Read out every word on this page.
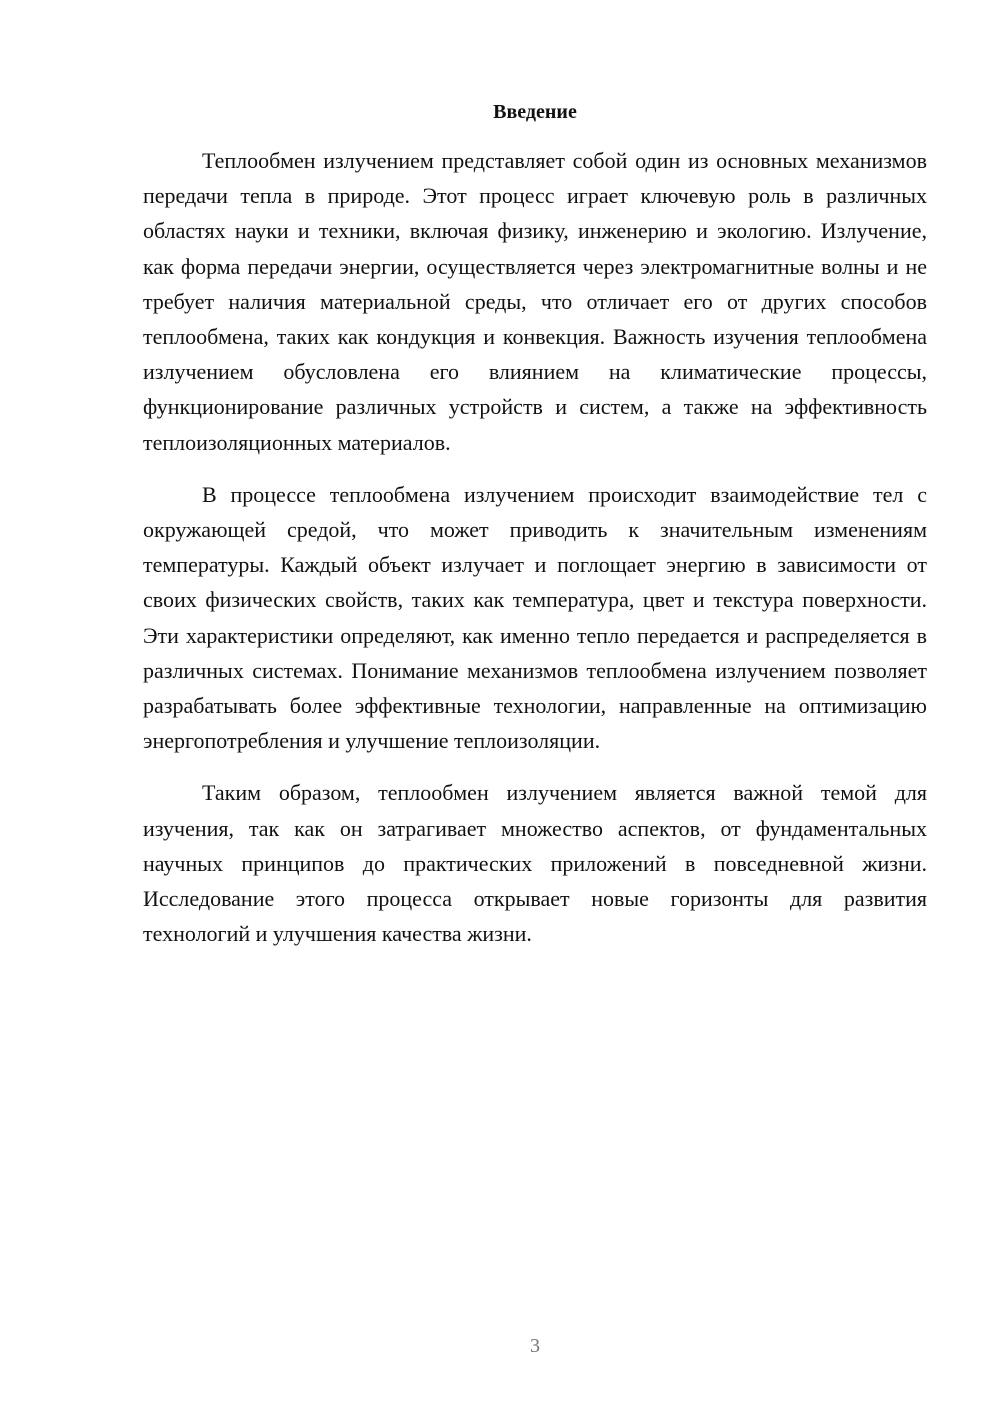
Введение

Теплообмен излучением представляет собой один из основных механизмов передачи тепла в природе. Этот процесс играет ключевую роль в различных областях науки и техники, включая физику, инженерию и экологию. Излучение, как форма передачи энергии, осуществляется через электромагнитные волны и не требует наличия материальной среды, что отличает его от других способов теплообмена, таких как кондукция и конвекция. Важность изучения теплообмена излучением обусловлена его влиянием на климатические процессы, функционирование различных устройств и систем, а также на эффективность теплоизоляционных материалов.

В процессе теплообмена излучением происходит взаимодействие тел с окружающей средой, что может приводить к значительным изменениям температуры. Каждый объект излучает и поглощает энергию в зависимости от своих физических свойств, таких как температура, цвет и текстура поверхности. Эти характеристики определяют, как именно тепло передается и распределяется в различных системах. Понимание механизмов теплообмена излучением позволяет разрабатывать более эффективные технологии, направленные на оптимизацию энергопотребления и улучшение теплоизоляции.

Таким образом, теплообмен излучением является важной темой для изучения, так как он затрагивает множество аспектов, от фундаментальных научных принципов до практических приложений в повседневной жизни. Исследование этого процесса открывает новые горизонты для развития технологий и улучшения качества жизни.

3
